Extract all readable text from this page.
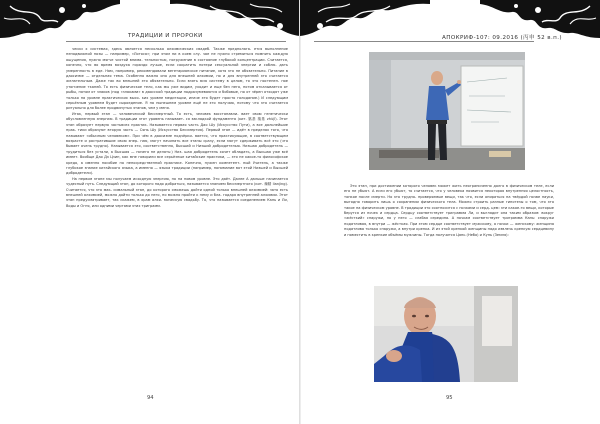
ТРАДИЦИИ И ПРОРОКИ

чески х системах, здесь является несколько алхимических свадеб. Также предполага- ется выполнение неподвижной позы — например, «Лотоса»; при этом ни в коем слу- чае не нужно стремиться помнить каждую ощущения, нужно мягче чистой внима- тельностью, погружение в состояние глубокой концентрации. Считается, конечно, что во время воздуха гораздо лучше, если сократить потери сексуальной энергии и соблю- дать умеренность в еде. Нам, например, рекомендовали вегетарианское питание, хотя это не обязательно. Питание в даосизме — отдельная тема. Особенно важно оно для внешней алхимии, но и для внутренней это считается желательным. Даже так во внешней это обязательно. Если взять всю систему в целом, то это постепен- ное утончение тканей. То есть физическое тело, как мы уже видим, уходит и еще без него, потом отказывается от рыбы, потом от злаков (под «злаками» в даосской традиции подразумеваются и бобовые, но от зёрен отходят уже только на уровне практических высо- ких уровне медитации, иначе это будет просто голодание.) И следующим серьёзным уровнем будет сыроедение. Я на нынешнем уровне ещё не это получаю, потому что это считается ритуально для более продвинутых этапов, чем у меня.

Итак, первый этап — человеческий бессмертный. То есть, человек восстанавли- вает свою генетически обусловленную энергию. В традиции этот уровень называет- ся закладкой фундамента (кит. 築基 築基 zhùjī). Этот этап образует первую частьвсех практик. Называется первая часть Дао Шу (Искусство Пути), а все дальнейшие прак- тики образуют вторую часть — Сянь Шу (Искусство Бессмертия). Первый этап — идёт в пределах того, что называют «обычным человеком». При чём в даосизме подчёрки- вается, что практикующие, в соответствующем возрасте и растратившие свою энер- гию, могут начинать все этапы сразу, если могут сдерживать всё это (что бывает очень трудно). Называется это, соответственно, Высший и Низший добродетелью. Низшая добродетель — трудиться без устали, а Высшая — ничего не делать:) Низ- шая добродетель хочет обладать, а Высшая уже всё имеет. Вообще Дао Дэ Цзин, как мне говорили все серьёзные китайские практики, — это не какое-то философское кредо, а именно пособие по непосредственной практике. Конечно, нужен компетент- ный Учитель, а также глубокое знание китайского языка, а именно — языка традиции (например, понимание вот этой Низшей и Высшей добродетели).

На первом этапе мы получаем исходную энергию, но на новом уровне. Это даёт. Далее А дальше начинается чудесный путь. Следующий этап, до которого надо добраться, называется знанием бессмертного (кит. 煉精 lianjing). Считается, что это мак- симальный этап, до которого сможешь дойти одной только внешней алхимией: зато есть внешней алхимией, можно дойти только до него, но можно пройти к нему и бла- годаря внутренней алхимии. Этот этап предусматривает, так скажем, в храм алхи- мическую свадьбу. То, что называется соединением Кань и Ли, Воды и Огня, или одними чертами этих триграмм.

94
АПОКРИФ-107: 09.2016 (丙申 52 в.п.)
95

Это этап, при достижении которого человек может жить неограниченно долго в физическом теле, если его не убьют. А если его убьют, то считается, что у человека появится некоторая внутренняя целостность, тонкое после смерти. Но это трудно- проверяемые вещи, так что, если опираться на твёрдой почве науки, выгодно говорить лишь о сохранении физического тела. Можно строить разные гипотезы о том, что это такое на физическом уровне. В традиции это соотносится с почками и серд- цем: эти какое-то вещи, которые берутся из почек и сердца. Сердцу соответствует триграмма Ли, и выглядит она таким образом: вокруг «жёсткий» снаружи, но у него — слабая середина. А почкам соответствует триграмма Кань: снаружи податливая, в внутри — жёсткая. При этом сердце соответствует мужскому, а почки — женскому: женщина податлива только снаружи, а внутри крепка. И из этой крепкой женщины надо извлечь крепкую сердцевину и поместить в крепкие объёмы мужчины. Тогда получится Цянь (Небо) и Кунь (Земля):
